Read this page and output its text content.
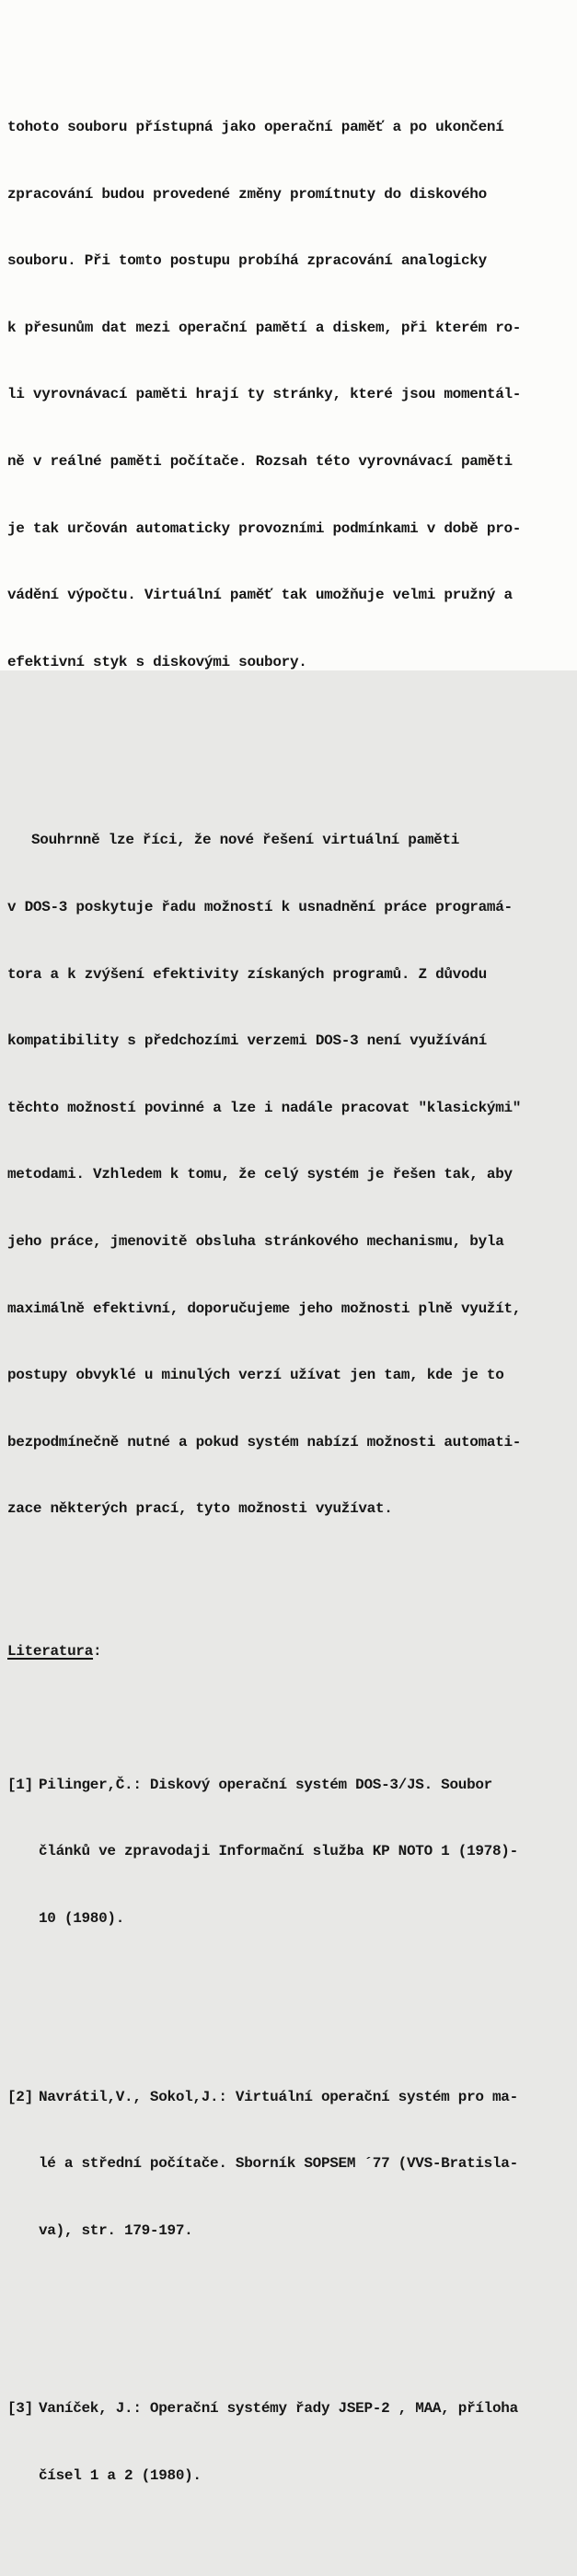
tohoto souboru přístupná jako operační paměť a po ukončení

zpracování budou provedené změny promítnuty do diskového

souboru. Při tomto postupu probíhá zpracování analogicky

k přesunům dat mezi operační pamětí a diskem, při kterém ro-

li vyrovnávací paměti hrají ty stránky, které jsou momentál-

ně v reálné paměti počítače. Rozsah této vyrovnávací paměti

je tak určován automaticky provozními podmínkami v době pro-

vádění výpočtu. Virtuální paměť tak umožňuje velmi pružný a

efektivní styk s diskovými soubory.

Souhrnně lze říci, že nové řešení virtuální paměti

v DOS-3 poskytuje řadu možností k usnadnění práce programá-

tora a k zvýšení efektivity získaných programů. Z důvodu

kompatibility s předchozími verzemi DOS-3 není využívání

těchto možností povinné a lze i nadále pracovat "klasickými"

metodami. Vzhledem k tomu, že celý systém je řešen tak, aby

jeho práce, jmenovitě obsluha stránkového mechanismu, byla

maximálně efektivní, doporučujeme jeho možnosti plně využít,

postupy obvyklé u minulých verzí užívat jen tam, kde je to

bezpodmínečně nutné a pokud systém nabízí možnosti automati-

zace některých prací, tyto možnosti využívat.

Literatura:

[1] Pilinger,Č.: Diskový operační systém DOS-3/JS. Soubor

článků ve zpravodaji Informační služba KP NOTO 1 (1978)-

10 (1980).

[2] Navrátil,V., Sokol,J.: Virtuální operační systém pro ma-

lé a střední počítače. Sborník SOPSEM ´77 (VVS-Bratisla-

va), str. 179-197.

[3] Vaníček, J.: Operační systémy řady JSEP-2 , MAA, příloha

čísel 1 a 2 (1980).
